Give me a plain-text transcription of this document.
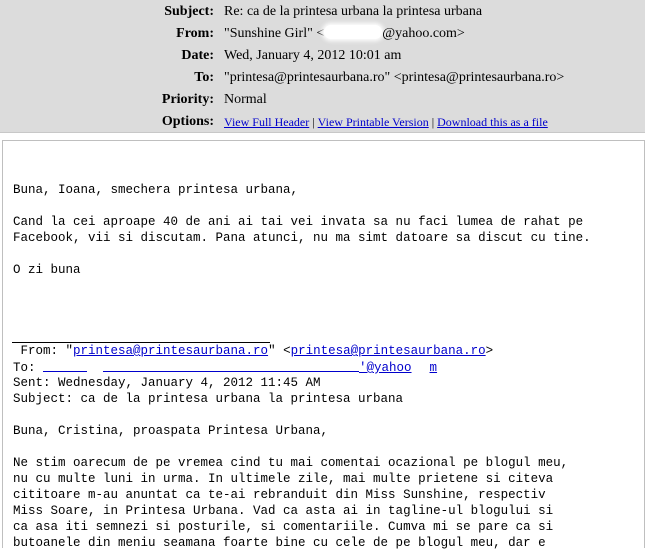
Subject: Re: ca de la printesa urbana la printesa urbana
From: "Sunshine Girl" <	@yahoo.com>
Date: Wed, January 4, 2012 10:01 am
To: "printesa@printesaurbana.ro" <printesa@printesaurbana.ro>
Priority: Normal
Options: View Full Header | View Printable Version | Download this as a file
Buna, Ioana, smechera printesa urbana,
Cand la cei aproape 40 de ani ai tai vei invata sa nu faci lumea de rahat pe
Facebook, vii si discutam. Pana atunci, nu ma simt datoare sa discut cu tine.
O zi buna
From: "printesa@printesaurbana.ro" <printesa@printesaurbana.ro>
To:	'@yahoo m
Sent: Wednesday, January 4, 2012 11:45 AM
Subject: ca de la printesa urbana la printesa urbana
Buna, Cristina, proaspata Printesa Urbana,
Ne stim oarecum de pe vremea cind tu mai comentai ocazional pe blogul meu,
nu cu multe luni in urma. In ultimele zile, mai multe prietene si citeva
cititoare m-au anuntat ca te-ai rebranduit din Miss Sunshine, respectiv
Miss Soare, in Printesa Urbana. Vad ca asta ai in tagline-ul blogului si
ca asa iti semnezi si posturile, si comentariile. Cumva mi se pare ca si
butoanele din meniu seamana foarte bine cu cele de pe blogul meu, dar e
